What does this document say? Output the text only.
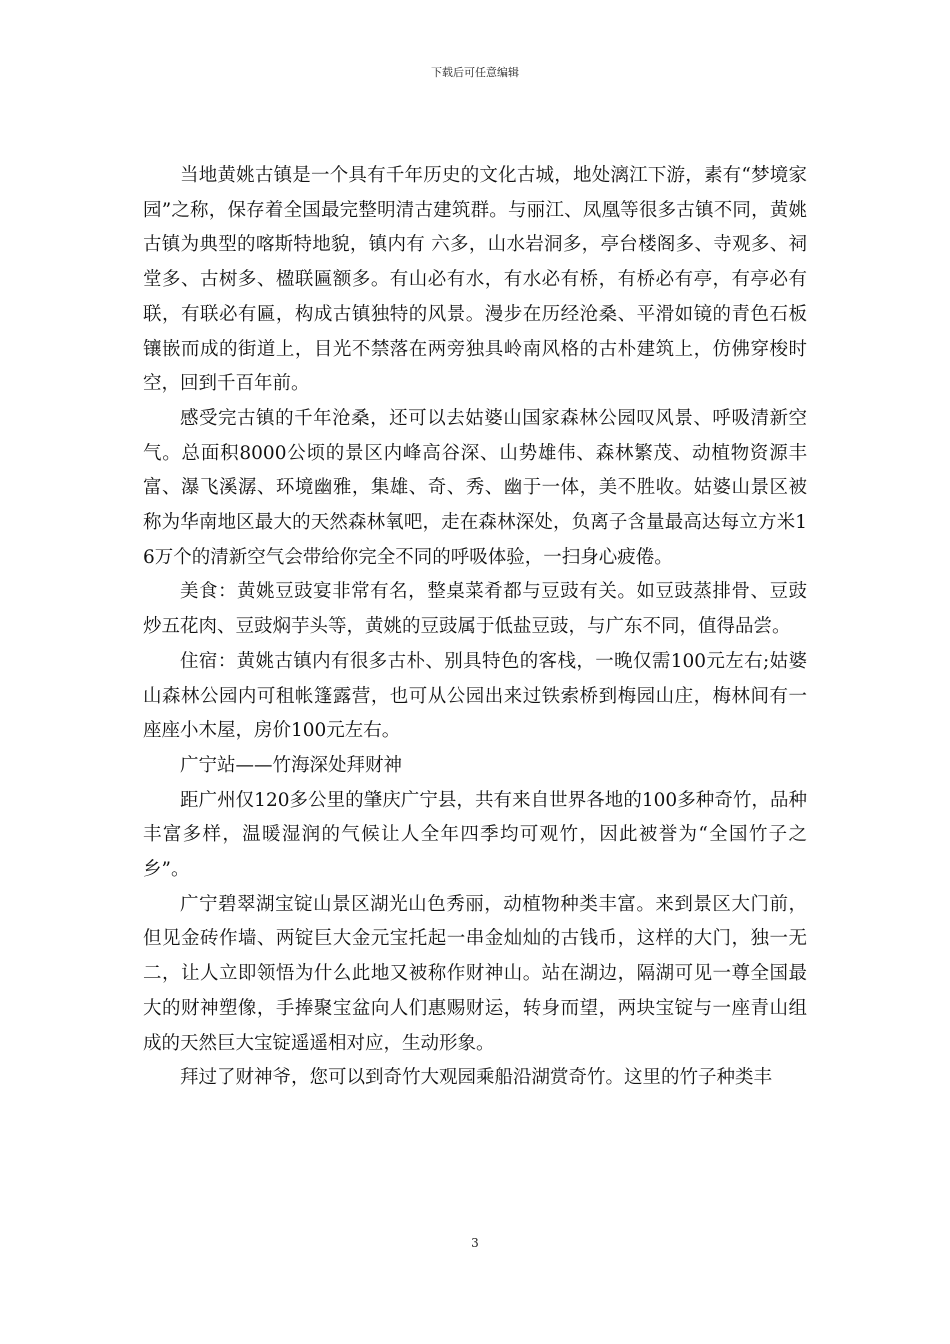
下载后可任意编辑

当地黄姚古镇是一个具有千年历史的文化古城，地处漓江下游，素有“梦境家园”之称，保存着全国最完整明清古建筑群。与丽江、凤凰等很多古镇不同，黄姚古镇为典型的喀斯特地貌，镇内有 六多，山水岩洞多，亭台楼阁多、寺观多、祠堂多、古树多、楹联匾额多。有山必有水，有水必有桥，有桥必有亭，有亭必有联，有联必有匾，构成古镇独特的风景。漫步在历经沧桑、平滑如镜的青色石板镶嵌而成的街道上，目光不禁落在两旁独具岭南风格的古朴建筑上，仿佛穿梭时空，回到千百年前。

感受完古镇的千年沧桑，还可以去姑婆山国家森林公园叹风景、呼吸清新空气。总面积8000公顷的景区内峰高谷深、山势雄伟、森林繁茂、动植物资源丰富、瀑飞溪潺、环境幽雅，集雄、奇、秀、幽于一体，美不胜收。姑婆山景区被称为华南地区最大的天然森林氧吧，走在森林深处，负离子含量最高达每立方米16万个的清新空气会带给你完全不同的呼吸体验，一扫身心疲倦。

美食：黄姚豆豉宴非常有名，整桌菜肴都与豆豉有关。如豆豉蒸排骨、豆豉炒五花肉、豆豉焖芋头等，黄姚的豆豉属于低盐豆豉，与广东不同，值得品尝。

住宿：黄姚古镇内有很多古朴、别具特色的客栈，一晚仅需100元左右;姑婆山森林公园内可租帐篷露营，也可从公园出来过铁索桥到梅园山庄，梅林间有一座座小木屋，房价100元左右。

广宁站——竹海深处拜财神

距广州仅120多公里的肇庆广宁县，共有来自世界各地的100多种奇竹，品种丰富多样，温暖湿润的气候让人全年四季均可观竹，因此被誉为“全国竹子之乡”。

广宁碧翠湖宝锭山景区湖光山色秀丽，动植物种类丰富。来到景区大门前，但见金砖作墙、两锭巨大金元宝托起一串金灿灿的古钱币，这样的大门，独一无二，让人立即领悟为什么此地又被称作财神山。站在湖边，隔湖可见一尊全国最大的财神塑像，手捧聚宝盆向人们惠赐财运，转身而望，两块宝锭与一座青山组成的天然巨大宝锭遥遥相对应，生动形象。

拜过了财神爷，您可以到奇竹大观园乘船沿湖赏奇竹。这里的竹子种类丰

3
